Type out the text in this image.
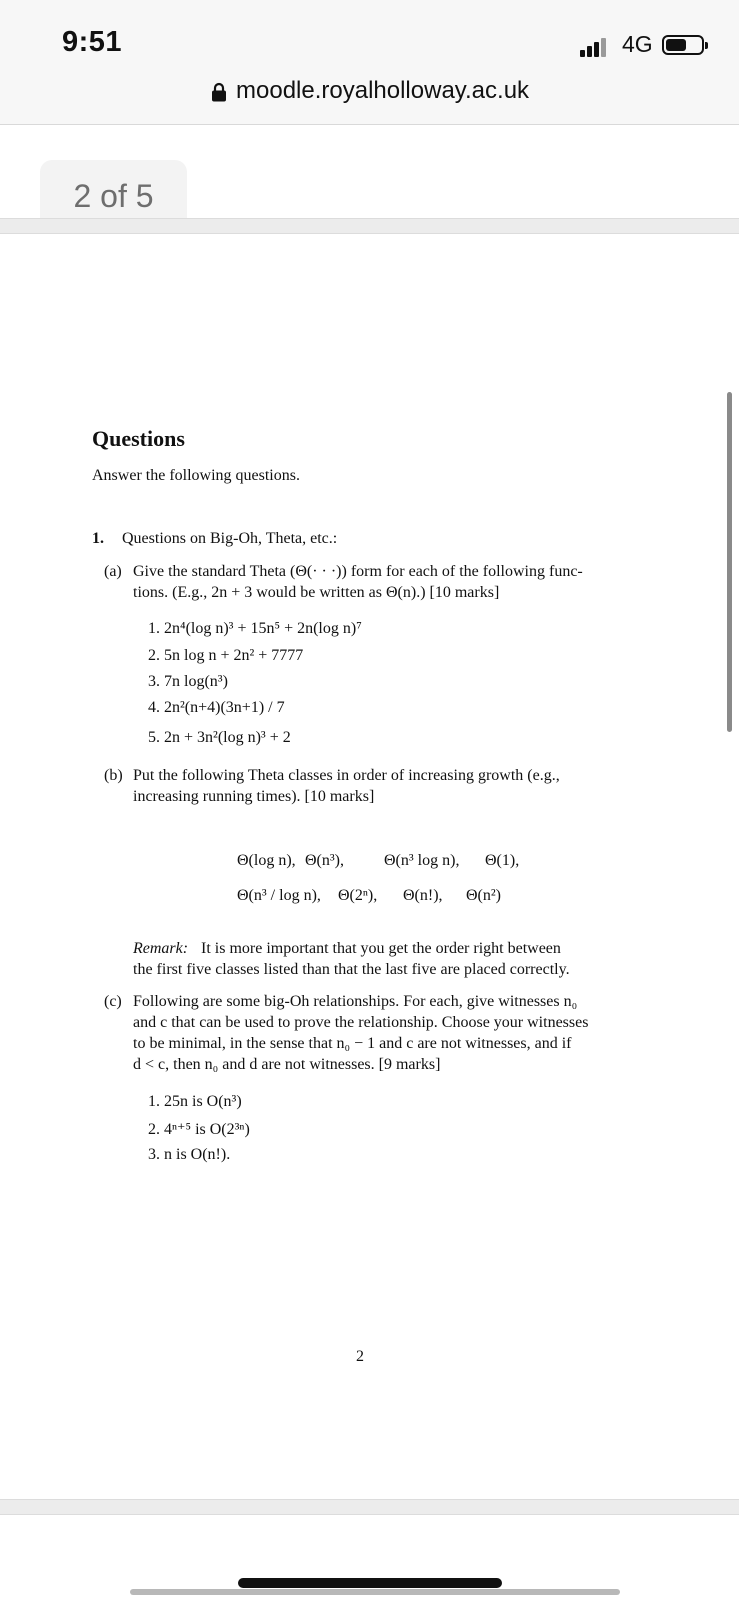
9:51	4G
moodle.royalholloway.ac.uk
2 of 5
Questions
Answer the following questions.
1. Questions on Big-Oh, Theta, etc.:
(a) Give the standard Theta (Θ(· · ·)) form for each of the following func-
tions. (E.g., 2n + 3 would be written as Θ(n).) [10 marks]
1. 2n⁴(log n)³ + 15n⁵ + 2n(log n)⁷
2. 5n log n + 2n² + 7777
3. 7n log(n³)
4. 2n²(n+4)(3n+1) / 7
5. 2n + 3n²(log n)³ + 2
(b) Put the following Theta classes in order of increasing growth (e.g.,
increasing running times). [10 marks]
Θ(log n), Θ(n³), Θ(n³ log n), Θ(1),
Θ(n³ / log n), Θ(2ⁿ), Θ(n!), Θ(n²)
Remark: It is more important that you get the order right between
the first five classes listed than that the last five are placed correctly.
(c) Following are some big-Oh relationships. For each, give witnesses n₀
and c that can be used to prove the relationship. Choose your witnesses
to be minimal, in the sense that n₀ − 1 and c are not witnesses, and if
d < c, then n₀ and d are not witnesses. [9 marks]
1. 25n is O(n³)
2. 4ⁿ⁺⁵ is O(2³ⁿ)
3. n is O(n!).
2
